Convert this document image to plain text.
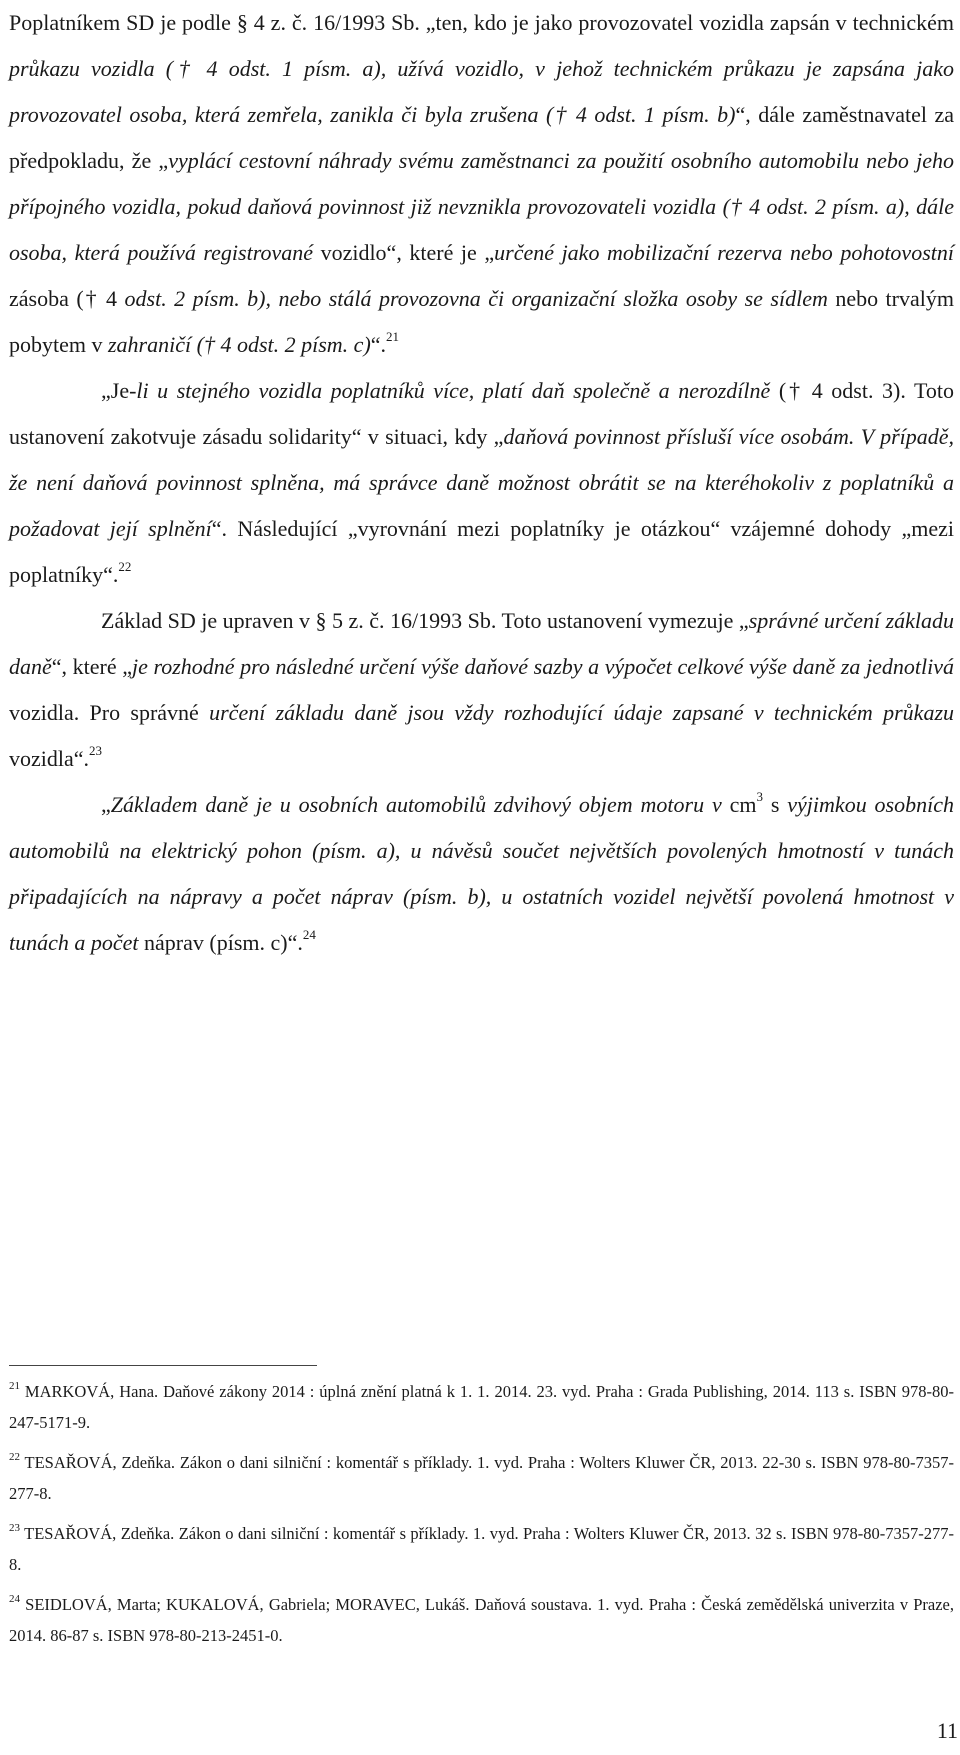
Poplatníkem SD je podle § 4 z. č. 16/1993 Sb. „ten, kdo je jako provozovatel vozidla zapsán v technickém průkazu vozidla († 4 odst. 1 písm. a), užívá vozidlo, v jehož technickém průkazu je zapsána jako provozovatel osoba, která zemřela, zanikla či byla zrušena († 4 odst. 1 písm. b)“, dále zaměstnavatel za předpokladu, že „vyplácí cestovní náhrady svému zaměstnanci za použití osobního automobilu nebo jeho přípojného vozidla, pokud daňová povinnost již nevznikla provozovateli vozidla († 4 odst. 2 písm. a), dále osoba, která používá registrované vozidlo“, které je „určené jako mobilizační rezerva nebo pohotovostní zásoba († 4 odst. 2 písm. b), nebo stálá provozovna či organizační složka osoby se sídlem nebo trvalým pobytem v zahraničí († 4 odst. 2 písm. c)“.$^{21}$

„Je-li u stejného vozidla poplatníků více, platí daň společně a nerozdílně († 4 odst. 3). Toto ustanovení zakotvuje zásadu solidarity“ v situaci, kdy „daňová povinnost přísluší více osobám. V případě, že není daňová povinnost splněna, má správce daně možnost obrátit se na kteréhokoliv z poplatníků a požadovat její splnění“. Následující „vyrovnání mezi poplatníky je otázkou“ vzájemné dohody „mezi poplatníky“.$^{22}$

Základ SD je upraven v § 5 z. č. 16/1993 Sb. Toto ustanovení vymezuje „správné určení základu daně“, které „je rozhodné pro následné určení výše daňové sazby a výpočet celkové výše daně za jednotlivá vozidla. Pro správné určení základu daně jsou vždy rozhodující údaje zapsané v technickém průkazu vozidla“.$^{23}$

„Základem daně je u osobních automobilů zdvihový objem motoru v $cm^3$ s výjimkou osobních automobilů na elektrický pohon (písm. a), u návěsů součet největších povolených hmotností v tunách připadajících na nápravy a počet náprav (písm. b), u ostatních vozidel největší povolená hmotnost v tunách a počet náprav (písm. c)“.$^{24}$

$^{21}$ MARKOVÁ, Hana. Daňové zákony 2014 : úplná znění platná k 1. 1. 2014. 23. vyd. Praha : Grada Publishing, 2014. 113 s. ISBN 978-80-247-5171-9.

$^{22}$ TESAŘOVÁ, Zdeňka. Zákon o dani silniční : komentář s příklady. 1. vyd. Praha : Wolters Kluwer ČR, 2013. 22-30 s. ISBN 978-80-7357-277-8.

$^{23}$ TESAŘOVÁ, Zdeňka. Zákon o dani silniční : komentář s příklady. 1. vyd. Praha : Wolters Kluwer ČR, 2013. 32 s. ISBN 978-80-7357-277-8.

$^{24}$ SEIDLOVÁ, Marta; KUKALOVÁ, Gabriela; MORAVEC, Lukáš. Daňová soustava. 1. vyd. Praha : Česká zemědělská univerzita v Praze, 2014. 86-87 s. ISBN 978-80-213-2451-0.

11
